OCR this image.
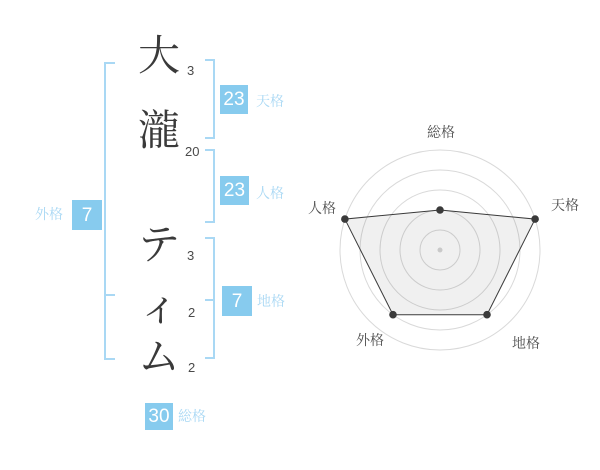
大
瀧
テ
ィ
ム
3
20
3
2
2
23 天格
23 人格
7	地格
外格 7
30 総格
総格
天格
地格
外格
人格
